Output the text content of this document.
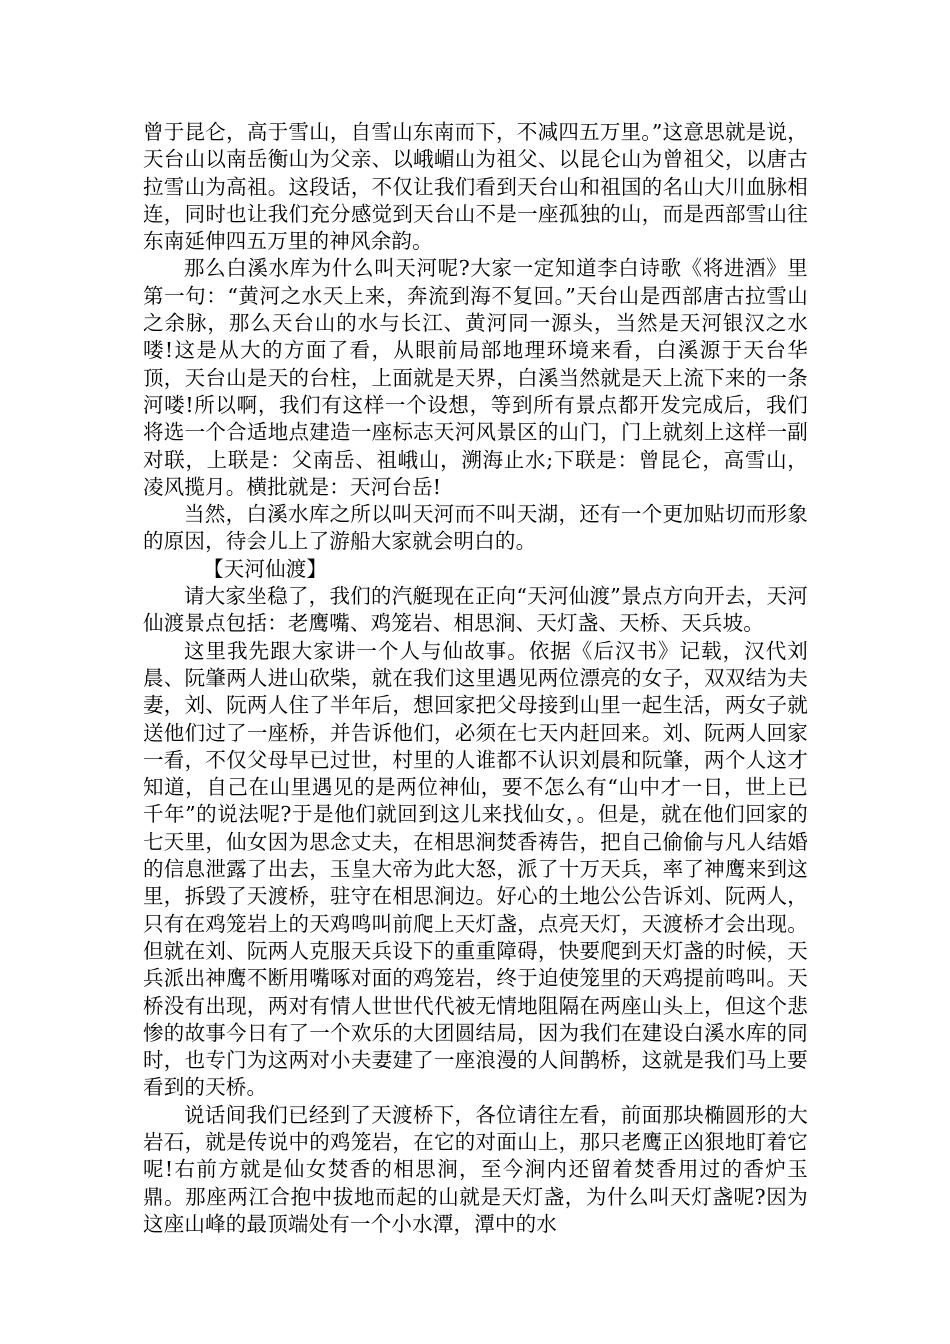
曾于昆仑，高于雪山，自雪山东南而下，不减四五万里。”这意思就是说，天台山以南岳衡山为父亲、以峨嵋山为祖父、以昆仑山为曾祖父，以唐古拉雪山为高祖。这段话，不仅让我们看到天台山和祖国的名山大川血脉相连，同时也让我们充分感觉到天台山不是一座孤独的山，而是西部雪山往东南延伸四五万里的神风余韵。

那么白溪水库为什么叫天河呢?大家一定知道李白诗歌《将进酒》里第一句：“黄河之水天上来，奔流到海不复回。”天台山是西部唐古拉雪山之余脉，那么天台山的水与长江、黄河同一源头，当然是天河银汉之水喽!这是从大的方面了看，从眼前局部地理环境来看，白溪源于天台华顶，天台山是天的台柱，上面就是天界，白溪当然就是天上流下来的一条河喽!所以啊，我们有这样一个设想，等到所有景点都开发完成后，我们将选一个合适地点建造一座标志天河风景区的山门，门上就刻上这样一副对联，上联是：父南岳、祖峨山，溯海止水;下联是：曾昆仑，高雪山，凌风揽月。横批就是：天河台岳!

当然，白溪水库之所以叫天河而不叫天湖，还有一个更加贴切而形象的原因，待会儿上了游船大家就会明白的。

【天河仙渡】

请大家坐稳了，我们的汽艇现在正向“天河仙渡”景点方向开去，天河仙渡景点包括：老鹰嘴、鸡笼岩、相思涧、天灯盏、天桥、天兵坡。

这里我先跟大家讲一个人与仙故事。依据《后汉书》记载，汉代刘晨、阮肇两人进山砍柴，就在我们这里遇见两位漂亮的女子，双双结为夫妻，刘、阮两人住了半年后，想回家把父母接到山里一起生活，两女子就送他们过了一座桥，并告诉他们，必须在七天内赶回来。刘、阮两人回家一看，不仅父母早已过世，村里的人谁都不认识刘晨和阮肇，两个人这才知道，自己在山里遇见的是两位神仙，要不怎么有“山中才一日，世上已千年”的说法呢?于是他们就回到这儿来找仙女，。但是，就在他们回家的七天里，仙女因为思念丈夫，在相思涧焚香祷告，把自己偷偷与凡人结婚的信息泄露了出去，玉皇大帝为此大怒，派了十万天兵，率了神鹰来到这里，拆毁了天渡桥，驻守在相思涧边。好心的土地公公告诉刘、阮两人，只有在鸡笼岩上的天鸡鸣叫前爬上天灯盏，点亮天灯，天渡桥才会出现。但就在刘、阮两人克服天兵设下的重重障碍，快要爬到天灯盏的时候，天兵派出神鹰不断用嘴啄对面的鸡笼岩，终于迫使笼里的天鸡提前鸣叫。天桥没有出现，两对有情人世世代代被无情地阻隔在两座山头上，但这个悲惨的故事今日有了一个欢乐的大团圆结局，因为我们在建设白溪水库的同时，也专门为这两对小夫妻建了一座浪漫的人间鹊桥，这就是我们马上要看到的天桥。

说话间我们已经到了天渡桥下，各位请往左看，前面那块椭圆形的大岩石，就是传说中的鸡笼岩，在它的对面山上，那只老鹰正凶狠地盯着它呢!右前方就是仙女焚香的相思涧，至今涧内还留着焚香用过的香炉玉鼎。那座两江合抱中拔地而起的山就是天灯盏，为什么叫天灯盏呢?因为这座山峰的最顶端处有一个小水潭，潭中的水
